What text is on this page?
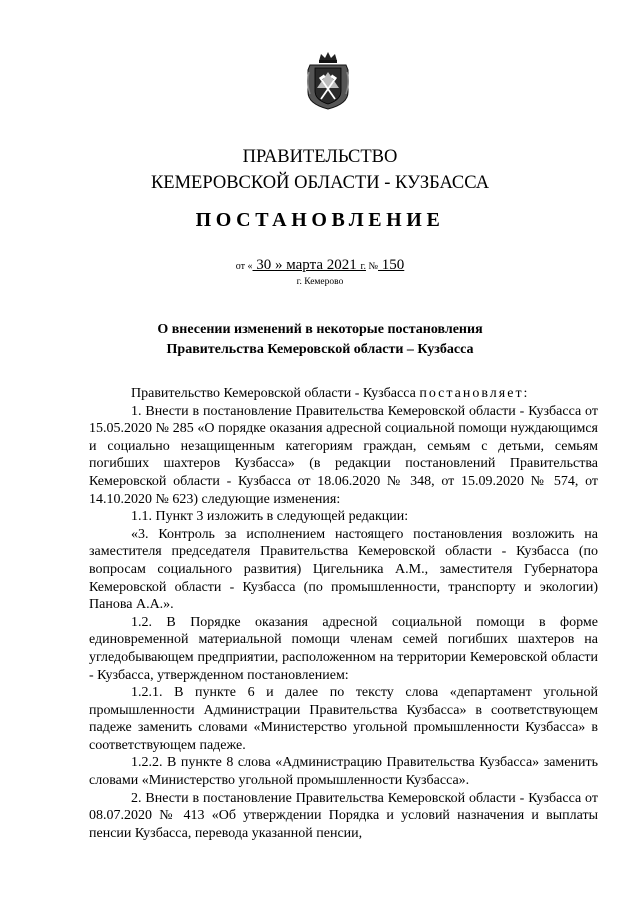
ПРАВИТЕЛЬСТВО
КЕМЕРОВСКОЙ ОБЛАСТИ - КУЗБАССА
ПОСТАНОВЛЕНИЕ
от « 30 » марта 2021 г. № 150
г. Кемерово
О внесении изменений в некоторые постановления
Правительства Кемеровской области – Кузбасса

Правительство Кемеровской области - Кузбасса постановляет:

1. Внести в постановление Правительства Кемеровской области - Кузбасса от 15.05.2020 № 285 «О порядке оказания адресной социальной помощи нуждающимся и социально незащищенным категориям граждан, семьям с детьми, семьям погибших шахтеров Кузбасса» (в редакции постановлений Правительства Кемеровской области - Кузбасса от 18.06.2020 № 348, от 15.09.2020 № 574, от 14.10.2020 № 623) следующие изменения:

1.1. Пункт 3 изложить в следующей редакции:

«3. Контроль за исполнением настоящего постановления возложить на заместителя председателя Правительства Кемеровской области - Кузбасса (по вопросам социального развития) Цигельника А.М., заместителя Губернатора Кемеровской области - Кузбасса (по промышленности, транспорту и экологии) Панова А.А.».

1.2. В Порядке оказания адресной социальной помощи в форме единовременной материальной помощи членам семей погибших шахтеров на угледобывающем предприятии, расположенном на территории Кемеровской области - Кузбасса, утвержденном постановлением:

1.2.1. В пункте 6 и далее по тексту слова «департамент угольной промышленности Администрации Правительства Кузбасса» в соответствующем падеже заменить словами «Министерство угольной промышленности Кузбасса» в соответствующем падеже.

1.2.2. В пункте 8 слова «Администрацию Правительства Кузбасса» заменить словами «Министерство угольной промышленности Кузбасса».

2. Внести в постановление Правительства Кемеровской области - Кузбасса от 08.07.2020 № 413 «Об утверждении Порядка и условий назначения и выплаты пенсии Кузбасса, перевода указанной пенсии,
